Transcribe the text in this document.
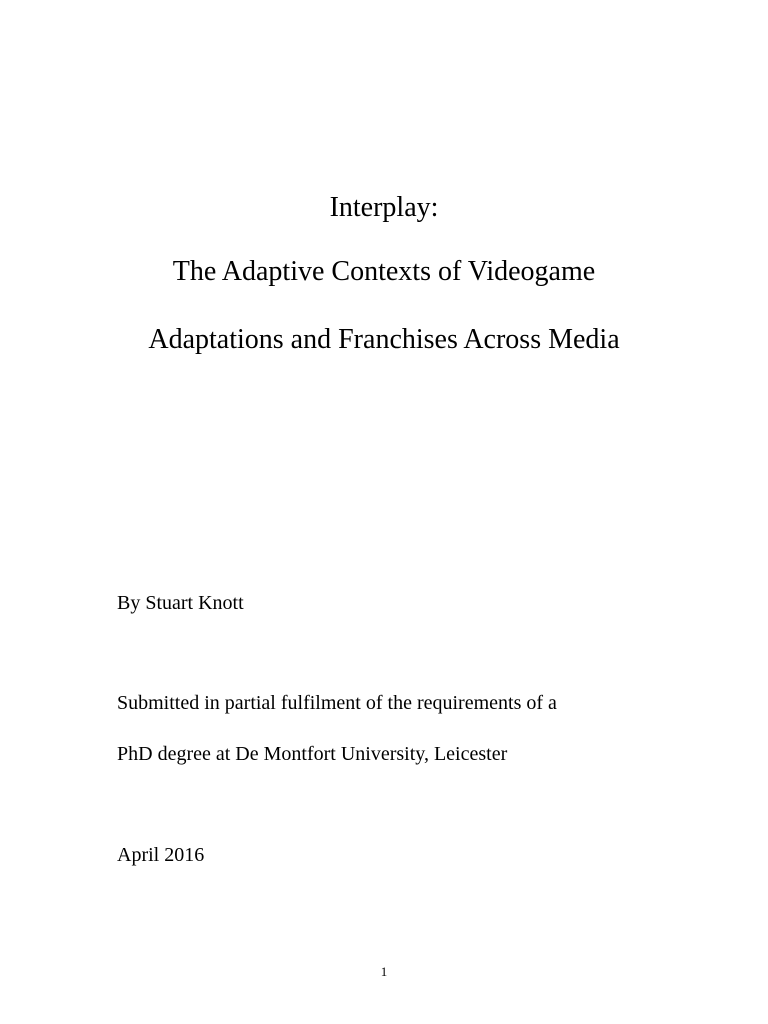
Interplay:
The Adaptive Contexts of Videogame
Adaptations and Franchises Across Media
By Stuart Knott
Submitted in partial fulfilment of the requirements of a
PhD degree at De Montfort University, Leicester
April 2016
1
